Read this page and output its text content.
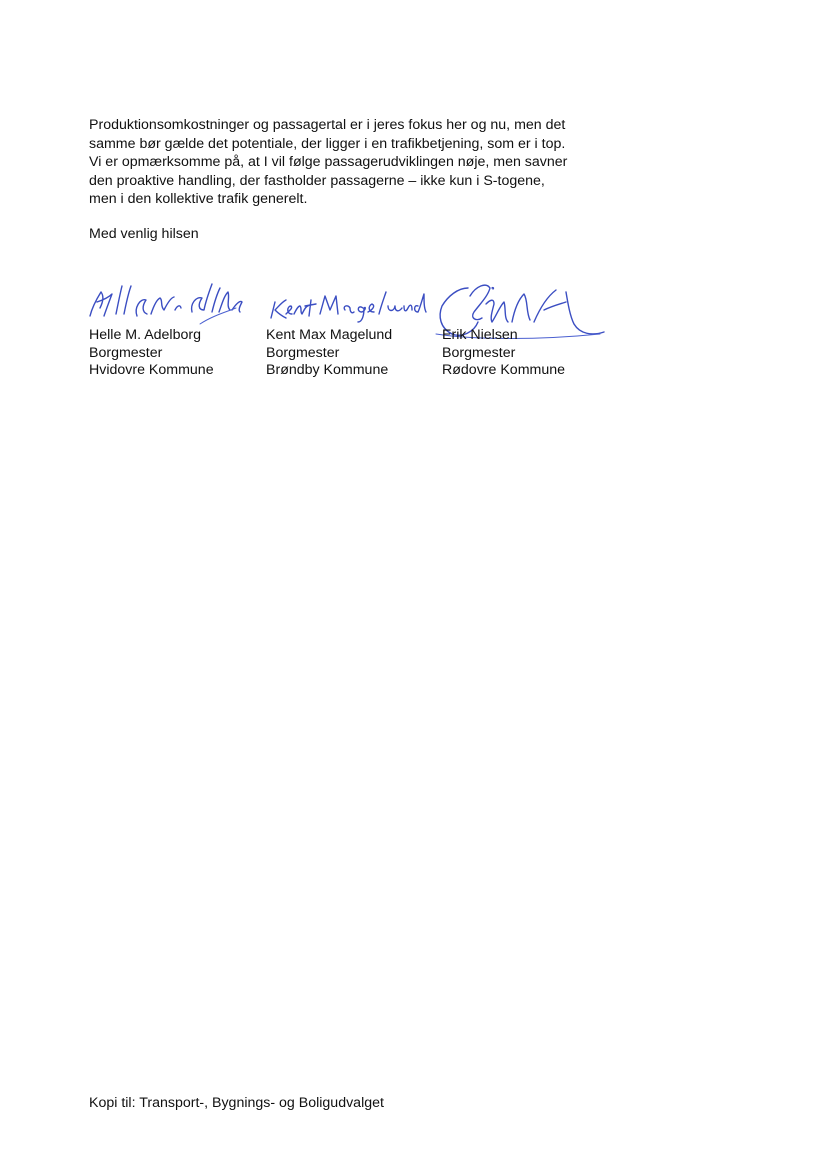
Produktionsomkostninger og passagertal er i jeres fokus her og nu, men det
samme bør gælde det potentiale, der ligger i en trafikbetjening, som er i top.
Vi er opmærksomme på, at I vil følge passagerudviklingen nøje, men savner
den proaktive handling, der fastholder passagerne – ikke kun i S-togene,
men i den kollektive trafik generelt.
Med venlig hilsen
Helle M. Adelborg
Borgmester
Hvidovre Kommune
Kent Max Magelund
Borgmester
Brøndby Kommune
Erik Nielsen
Borgmester
Rødovre Kommune
Kopi til: Transport-, Bygnings- og Boligudvalget
